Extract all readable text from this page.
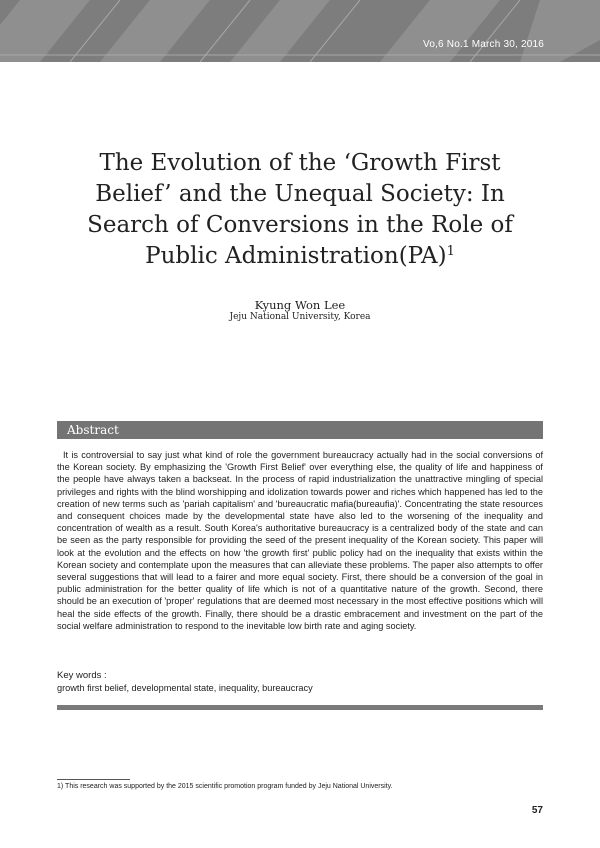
Vo,6 No.1 March 30, 2016
The Evolution of the ‘Growth First Belief’ and the Unequal Society: In Search of Conversions in the Role of Public Administration(PA)$^1$
Kyung Won Lee
Jeju National University, Korea
Abstract

It is controversial to say just what kind of role the government bureaucracy actually had in the social conversions of the Korean society. By emphasizing the 'Growth First Belief' over everything else, the quality of life and happiness of the people have always taken a backseat. In the process of rapid industrialization the unattractive mingling of special privileges and rights with the blind worshipping and idolization towards power and riches which happened has led to the creation of new terms such as 'pariah capitalism' and 'bureaucratic mafia(bureaufia)'. Concentrating the state resources and consequent choices made by the developmental state have also led to the worsening of the inequality and concentration of wealth as a result. South Korea's authoritative bureaucracy is a centralized body of the state and can be seen as the party responsible for providing the seed of the present inequality of the Korean society. This paper will look at the evolution and the effects on how 'the growth first' public policy had on the inequality that exists within the Korean society and contemplate upon the measures that can alleviate these problems. The paper also attempts to offer several suggestions that will lead to a fairer and more equal society. First, there should be a conversion of the goal in public administration for the better quality of life which is not of a quantitative nature of the growth. Second, there should be an execution of 'proper' regulations that are deemed most necessary in the most effective positions which will heal the side effects of the growth. Finally, there should be a drastic embracement and investment on the part of the social welfare administration to respond to the inevitable low birth rate and aging society.

Key words :
growth first belief, developmental state, inequality, bureaucracy
1) This research was supported by the 2015 scientific promotion program funded by Jeju National University.
57
